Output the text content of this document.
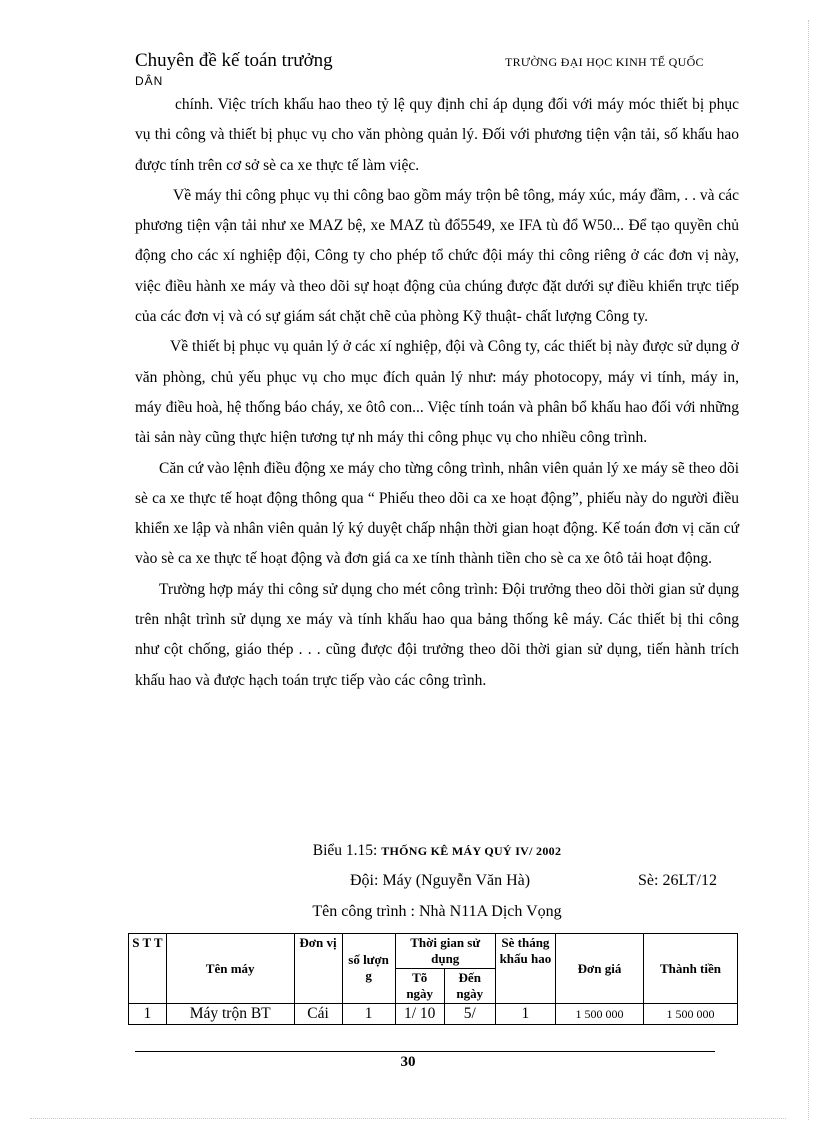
Chuyên đề kế toán trưởng
DÂN
TRƯỜNG ĐẠI HỌC KINH TẾ QUỐC

chính. Việc trích khấu hao theo tỷ lệ quy định chỉ áp dụng đối với máy móc thiết bị phục vụ thi công và thiết bị phục vụ cho văn phòng quản lý. Đối với phương tiện vận tải, số khấu hao được tính trên cơ sở sè ca xe thực tế làm việc.

Về máy thi công phục vụ thi công bao gồm máy trộn bê tông, máy xúc, máy đầm, . . và các phương tiện vận tải như xe MAZ bệ, xe MAZ tù đổ5549, xe IFA tù đổ W50... Để tạo quyền chủ động cho các xí nghiệp đội, Công ty cho phép tổ chức đội máy thi công riêng ở các đơn vị này, việc điều hành xe máy và theo dõi sự hoạt động của chúng được đặt dưới sự điều khiển trực tiếp của các đơn vị và có sự giám sát chặt chẽ của phòng Kỹ thuật- chất lượng Công ty.

Về thiết bị phục vụ quản lý ở các xí nghiệp, đội và Công ty, các thiết bị này được sử dụng ở văn phòng, chủ yếu phục vụ cho mục đích quản lý như: máy photocopy, máy vi tính, máy in, máy điều hoà, hệ thống báo cháy, xe ôtô con... Việc tính toán và phân bổ khấu hao đối với những tài sản này cũng thực hiện tương tự nh máy thi công phục vụ cho nhiều công trình.

Căn cứ vào lệnh điều động xe máy cho từng công trình, nhân viên quản lý xe máy sẽ theo dõi sè ca xe thực tế hoạt động thông qua “ Phiếu theo dõi ca xe hoạt động”, phiếu này do người điều khiển xe lập và nhân viên quản lý ký duyệt chấp nhận thời gian hoạt động. Kế toán đơn vị căn cứ vào sè ca xe thực tế hoạt động và đơn giá ca xe tính thành tiền cho sè ca xe ôtô tải hoạt động.

Trường hợp máy thi công sử dụng cho mét công trình: Đội trưởng theo dõi thời gian sử dụng trên nhật trình sử dụng xe máy và tính khấu hao qua bảng thống kê máy. Các thiết bị thi công như cột chống, giáo thép . . . cũng được đội trưởng theo dõi thời gian sử dụng, tiến hành trích khấu hao và được hạch toán trực tiếp vào các công trình.

Biểu 1.15: THỐNG KÊ MÁY QUÝ IV/ 2002
Đội: Máy (Nguyễn Văn Hà)	Sè: 26LT/12
Tên công trình : Nhà N11A Dịch Vọng
S T T	Tên máy	Đơn vị	số lượn g	Thời gian sử dụng		Sè tháng khấu hao	Đơn giá	Thành tiền
				Tõ ngày	Đến ngày			
1	Máy trộn BT	Cái	1	1/ 10	5/	1	1 500 000	1 500 000
30
